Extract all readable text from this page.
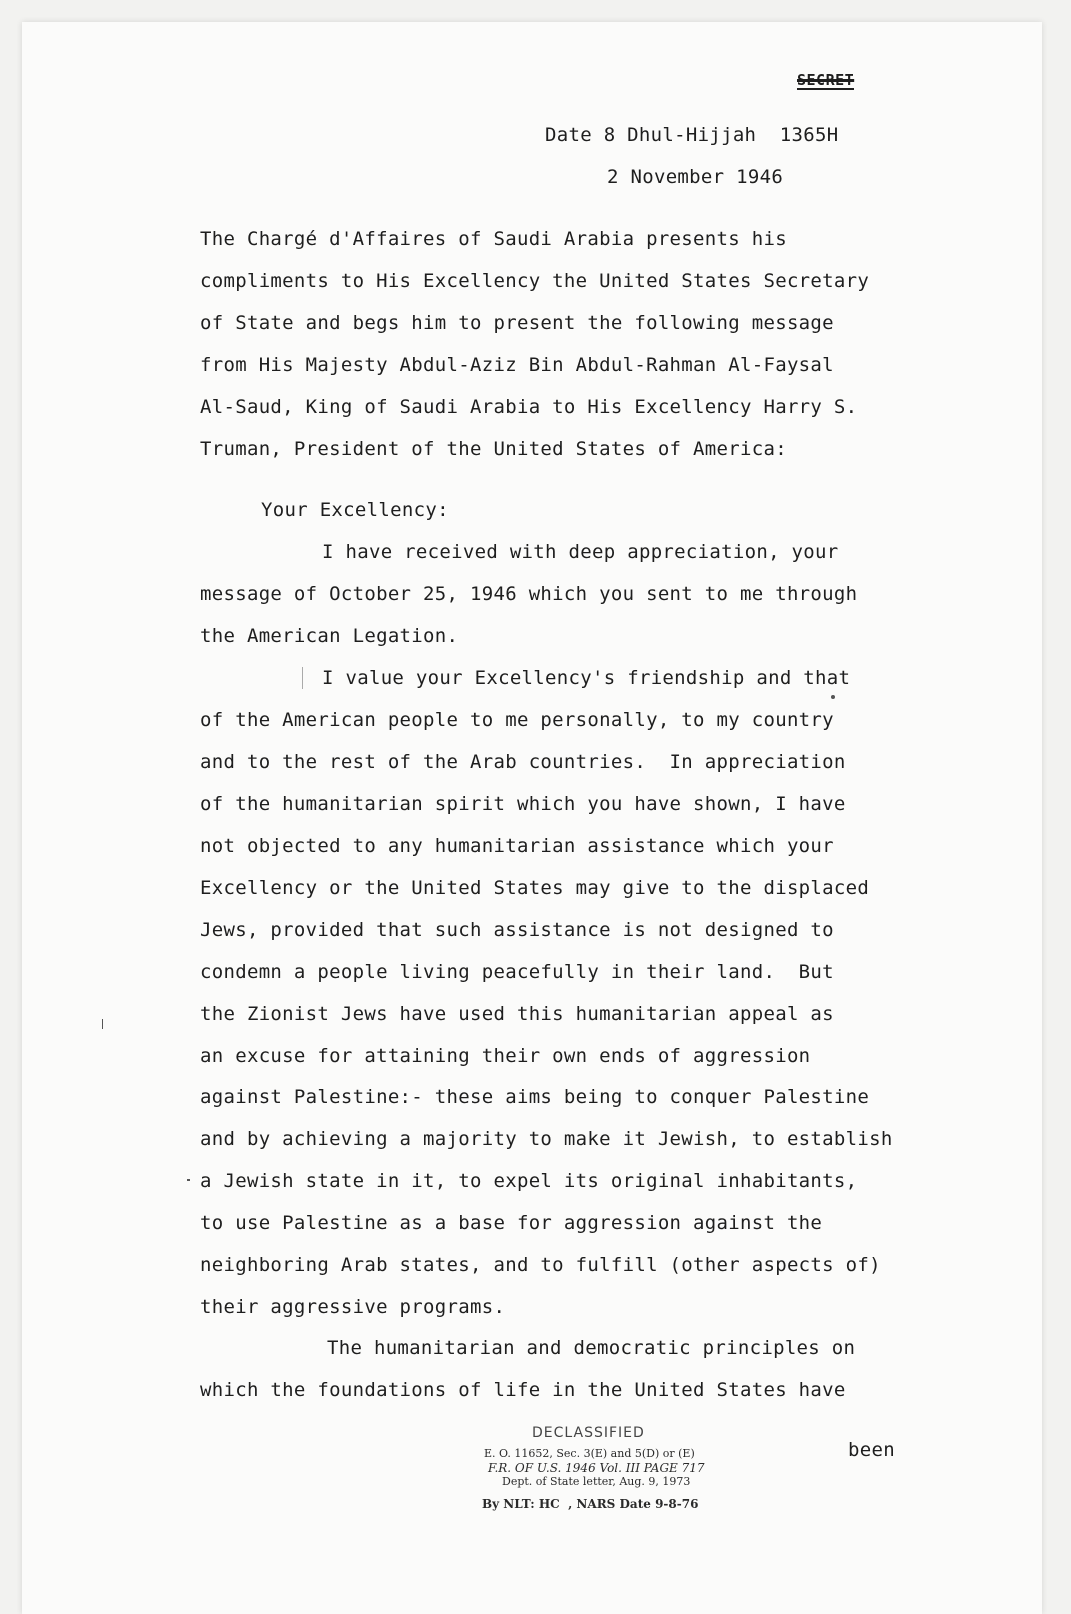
SECRET
Date 8 Dhul-Hijjah  1365H
2 November 1946
The Chargé d'Affaires of Saudi Arabia presents his
compliments to His Excellency the United States Secretary
of State and begs him to present the following message
from His Majesty Abdul-Aziz Bin Abdul-Rahman Al-Faysal
Al-Saud, King of Saudi Arabia to His Excellency Harry S.
Truman, President of the United States of America:
Your Excellency:
I have received with deep appreciation, your
message of October 25, 1946 which you sent to me through
the American Legation.
I value your Excellency's friendship and that
of the American people to me personally, to my country
and to the rest of the Arab countries.  In appreciation
of the humanitarian spirit which you have shown, I have
not objected to any humanitarian assistance which your
Excellency or the United States may give to the displaced
Jews, provided that such assistance is not designed to
condemn a people living peacefully in their land.  But
the Zionist Jews have used this humanitarian appeal as
an excuse for attaining their own ends of aggression
against Palestine:- these aims being to conquer Palestine
and by achieving a majority to make it Jewish, to establish
a Jewish state in it, to expel its original inhabitants,
to use Palestine as a base for aggression against the
neighboring Arab states, and to fulfill (other aspects of)
their aggressive programs.
The humanitarian and democratic principles on
which the foundations of life in the United States have
been
DECLASSIFIED
E. O. 11652, Sec. 3(E) and 5(D) or (E)
F.R. OF U.S. 1946 Vol. III PAGE 717
Dept. of State letter, Aug. 9, 1973
By NLT: HC  , NARS Date 9-8-76
